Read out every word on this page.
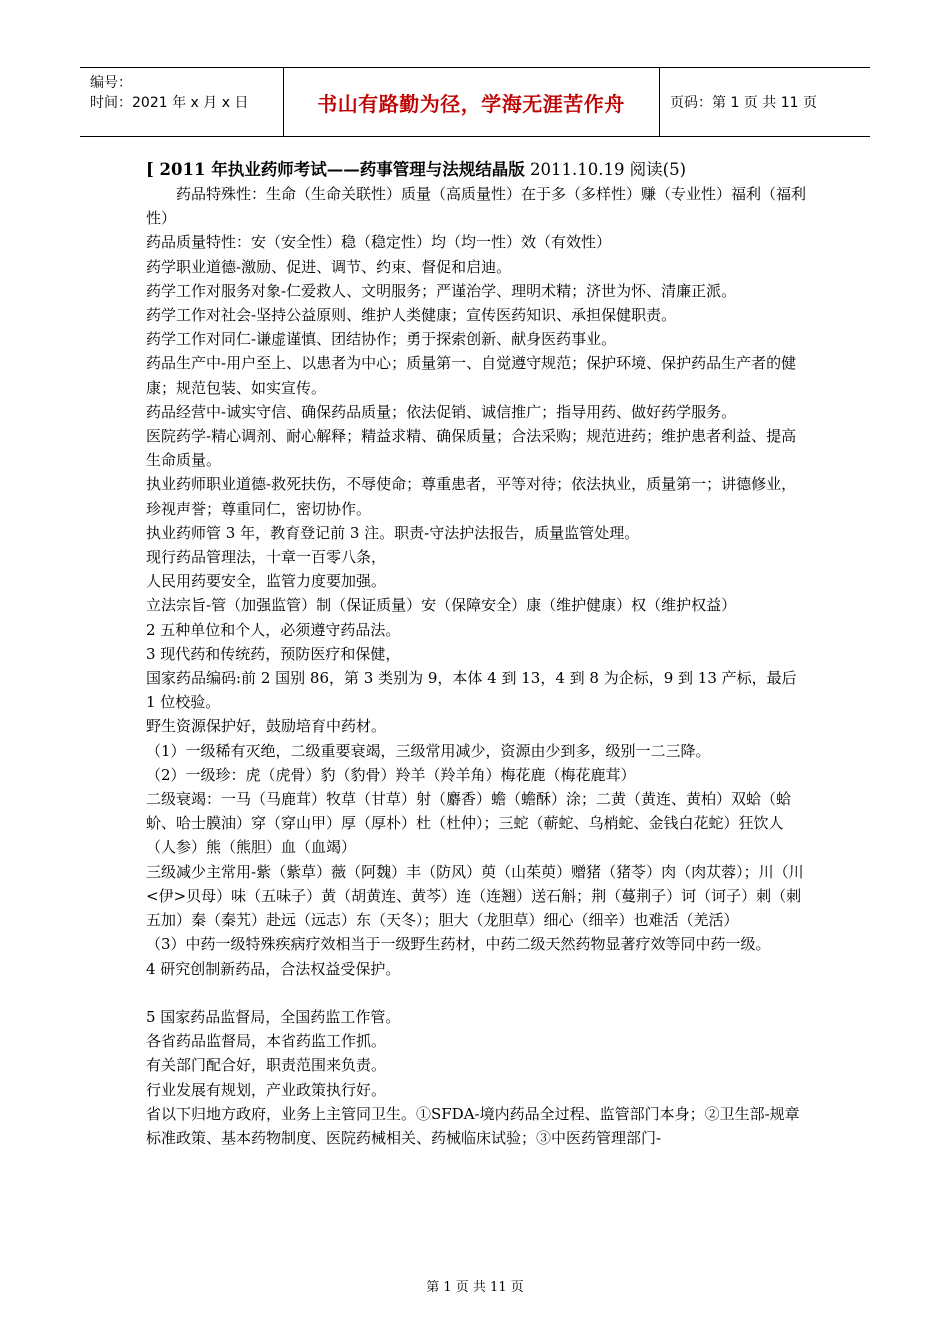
编号：
时间：2021 年 x 月 x 日	书山有路勤为径，学海无涯苦作舟	页码：第 1 页 共 11 页
[ 2011 年执业药师考试——药事管理与法规结晶版 2011.10.19 阅读(5)

药品特殊性：生命（生命关联性）质量（高质量性）在于多（多样性）赚（专业性）福利（福利性）

药品质量特性：安（安全性）稳（稳定性）均（均一性）效（有效性）

药学职业道德-激励、促进、调节、约束、督促和启迪。

药学工作对服务对象-仁爱救人、文明服务；严谨治学、理明术精；济世为怀、清廉正派。

药学工作对社会-坚持公益原则、维护人类健康；宣传医药知识、承担保健职责。

药学工作对同仁-谦虚谨慎、团结协作；勇于探索创新、献身医药事业。

药品生产中-用户至上、以患者为中心；质量第一、自觉遵守规范；保护环境、保护药品生产者的健康；规范包装、如实宣传。

药品经营中-诚实守信、确保药品质量；依法促销、诚信推广；指导用药、做好药学服务。

医院药学-精心调剂、耐心解释；精益求精、确保质量；合法采购；规范进药；维护患者利益、提高生命质量。

执业药师职业道德-救死扶伤，不辱使命；尊重患者，平等对待；依法执业，质量第一；讲德修业，珍视声誉；尊重同仁，密切协作。

执业药师管 3 年，教育登记前 3 注。职责-守法护法报告，质量监管处理。

现行药品管理法，十章一百零八条，

人民用药要安全，监管力度要加强。

立法宗旨-管（加强监管）制（保证质量）安（保障安全）康（维护健康）权（维护权益）

2 五种单位和个人，必须遵守药品法。

3 现代药和传统药，预防医疗和保健，

国家药品编码:前 2 国别 86，第 3 类别为 9，本体 4 到 13，4 到 8 为企标，9 到 13 产标，最后 1 位校验。

野生资源保护好，鼓励培育中药材。

（1）一级稀有灭绝，二级重要衰竭，三级常用减少，资源由少到多，级别一二三降。

（2）一级珍：虎（虎骨）豹（豹骨）羚羊（羚羊角）梅花鹿（梅花鹿茸）

二级衰竭：一马（马鹿茸）牧草（甘草）射（麝香）蟾（蟾酥）涂；二黄（黄连、黄柏）双蛤（蛤蚧、哈士膜油）穿（穿山甲）厚（厚朴）杜（杜仲）；三蛇（蕲蛇、乌梢蛇、金钱白花蛇）狂饮人（人参）熊（熊胆）血（血竭）

三级减少主常用-紫（紫草）薇（阿魏）丰（防风）萸（山茱萸）赠猪（猪苓）肉（肉苁蓉）；川（川<伊>贝母）味（五味子）黄（胡黄连、黄芩）连（连翘）送石斛；荆（蔓荆子）诃（诃子）刺（刺五加）秦（秦艽）赴远（远志）东（天冬）；胆大（龙胆草）细心（细辛）也难活（羌活）

（3）中药一级特殊疾病疗效相当于一级野生药材，中药二级天然药物显著疗效等同中药一级。

4 研究创制新药品，合法权益受保护。

5 国家药品监督局，全国药监工作管。

各省药品监督局，本省药监工作抓。

有关部门配合好，职责范围来负责。

行业发展有规划，产业政策执行好。

省以下归地方政府，业务上主管同卫生。①SFDA-境内药品全过程、监管部门本身；②卫生部-规章标准政策、基本药物制度、医院药械相关、药械临床试验；③中医药管理部门-

第 1 页 共 11 页
